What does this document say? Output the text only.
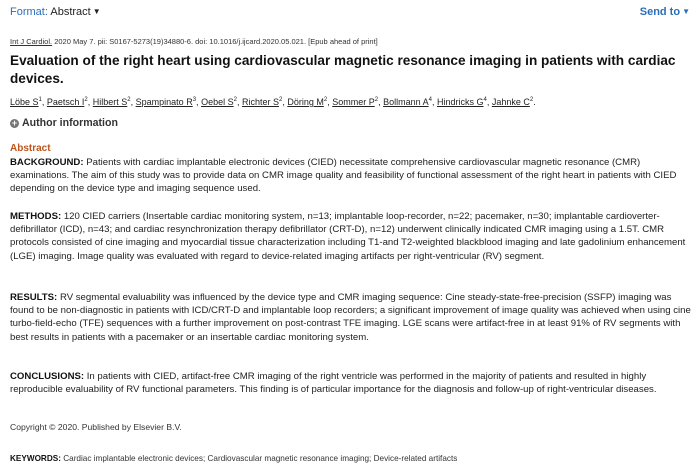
Format: Abstract ▼	Send to ▼
Int J Cardiol. 2020 May 7. pii: S0167-5273(19)34880-6. doi: 10.1016/j.ijcard.2020.05.021. [Epub ahead of print]
Evaluation of the right heart using cardiovascular magnetic resonance imaging in patients with cardiac devices.
Löbe $S^1$, Paetsch $I^2$, Hilbert $S^2$, Spampinato $R^3$, Oebel $S^2$, Richter $S^2$, Döring $M^2$, Sommer $P^2$, Bollmann $A^4$, Hindricks $G^4$, Jahnke $C^2$.
+ Author information
Abstract
BACKGROUND: Patients with cardiac implantable electronic devices (CIED) necessitate comprehensive cardiovascular magnetic resonance (CMR) examinations. The aim of this study was to provide data on CMR image quality and feasibility of functional assessment of the right heart in patients with CIED depending on the device type and imaging sequence used.
METHODS: 120 CIED carriers (Insertable cardiac monitoring system, n=13; implantable loop-recorder, n=22; pacemaker, n=30; implantable cardioverter-defibrillator (ICD), n=43; and cardiac resynchronization therapy defibrillator (CRT-D), n=12) underwent clinically indicated CMR imaging using a 1.5T. CMR protocols consisted of cine imaging and myocardial tissue characterization including T1-and T2-weighted blackblood imaging and late gadolinium enhancement (LGE) imaging. Image quality was evaluated with regard to device-related imaging artifacts per right-ventricular (RV) segment.
RESULTS: RV segmental evaluability was influenced by the device type and CMR imaging sequence: Cine steady-state-free-precision (SSFP) imaging was found to be non-diagnostic in patients with ICD/CRT-D and implantable loop recorders; a significant improvement of image quality was achieved when using cine turbo-field-echo (TFE) sequences with a further improvement on post-contrast TFE imaging. LGE scans were artifact-free in at least 91% of RV segments with best results in patients with a pacemaker or an insertable cardiac monitoring system.
CONCLUSIONS: In patients with CIED, artifact-free CMR imaging of the right ventricle was performed in the majority of patients and resulted in highly reproducible evaluability of RV functional parameters. This finding is of particular importance for the diagnosis and follow-up of right-ventricular diseases.
Copyright © 2020. Published by Elsevier B.V.
KEYWORDS: Cardiac implantable electronic devices; Cardiovascular magnetic resonance imaging; Device-related artifacts
